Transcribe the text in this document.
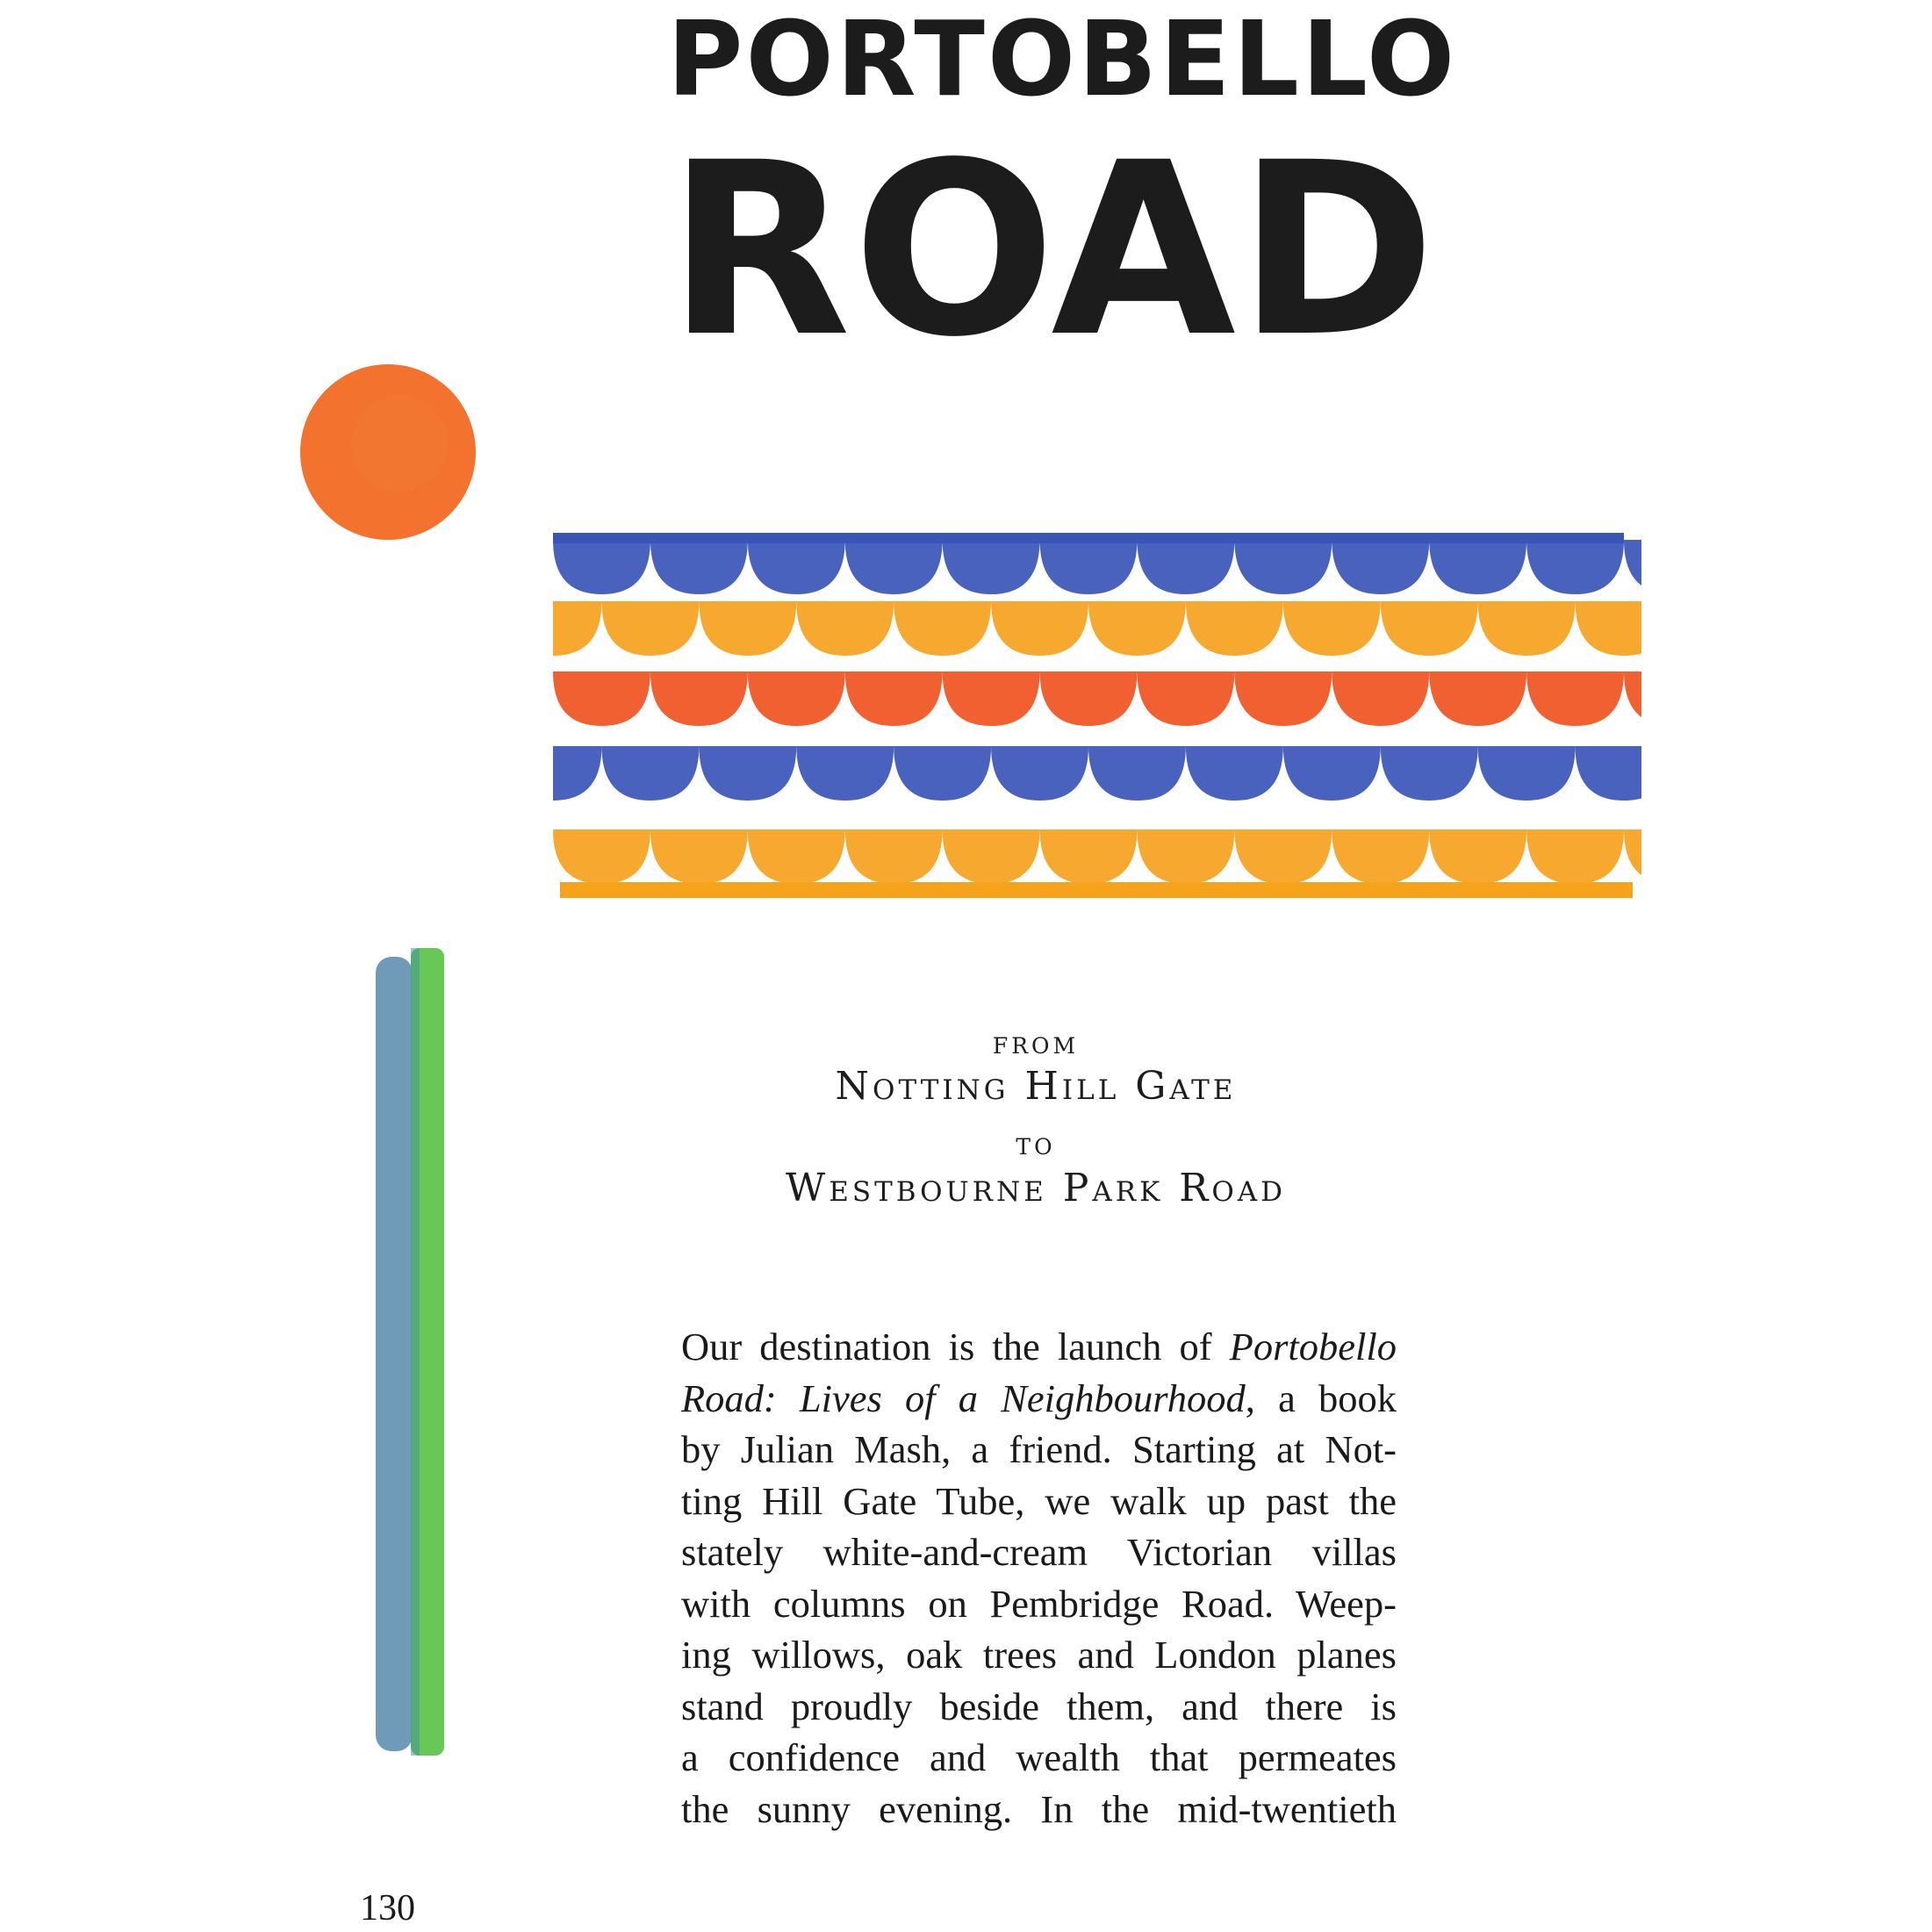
PORTOBELLO
ROAD
from
Notting Hill Gate
to
Westbourne Park Road
Our destination is the launch of Portobello
Road: Lives of a Neighbourhood, a book
by Julian Mash, a friend. Starting at Not-
ting Hill Gate Tube, we walk up past the
stately white-and-cream Victorian villas
with columns on Pembridge Road. Weep-
ing willows, oak trees and London planes
stand proudly beside them, and there is
a confidence and wealth that permeates
the sunny evening. In the mid-twentieth
130
